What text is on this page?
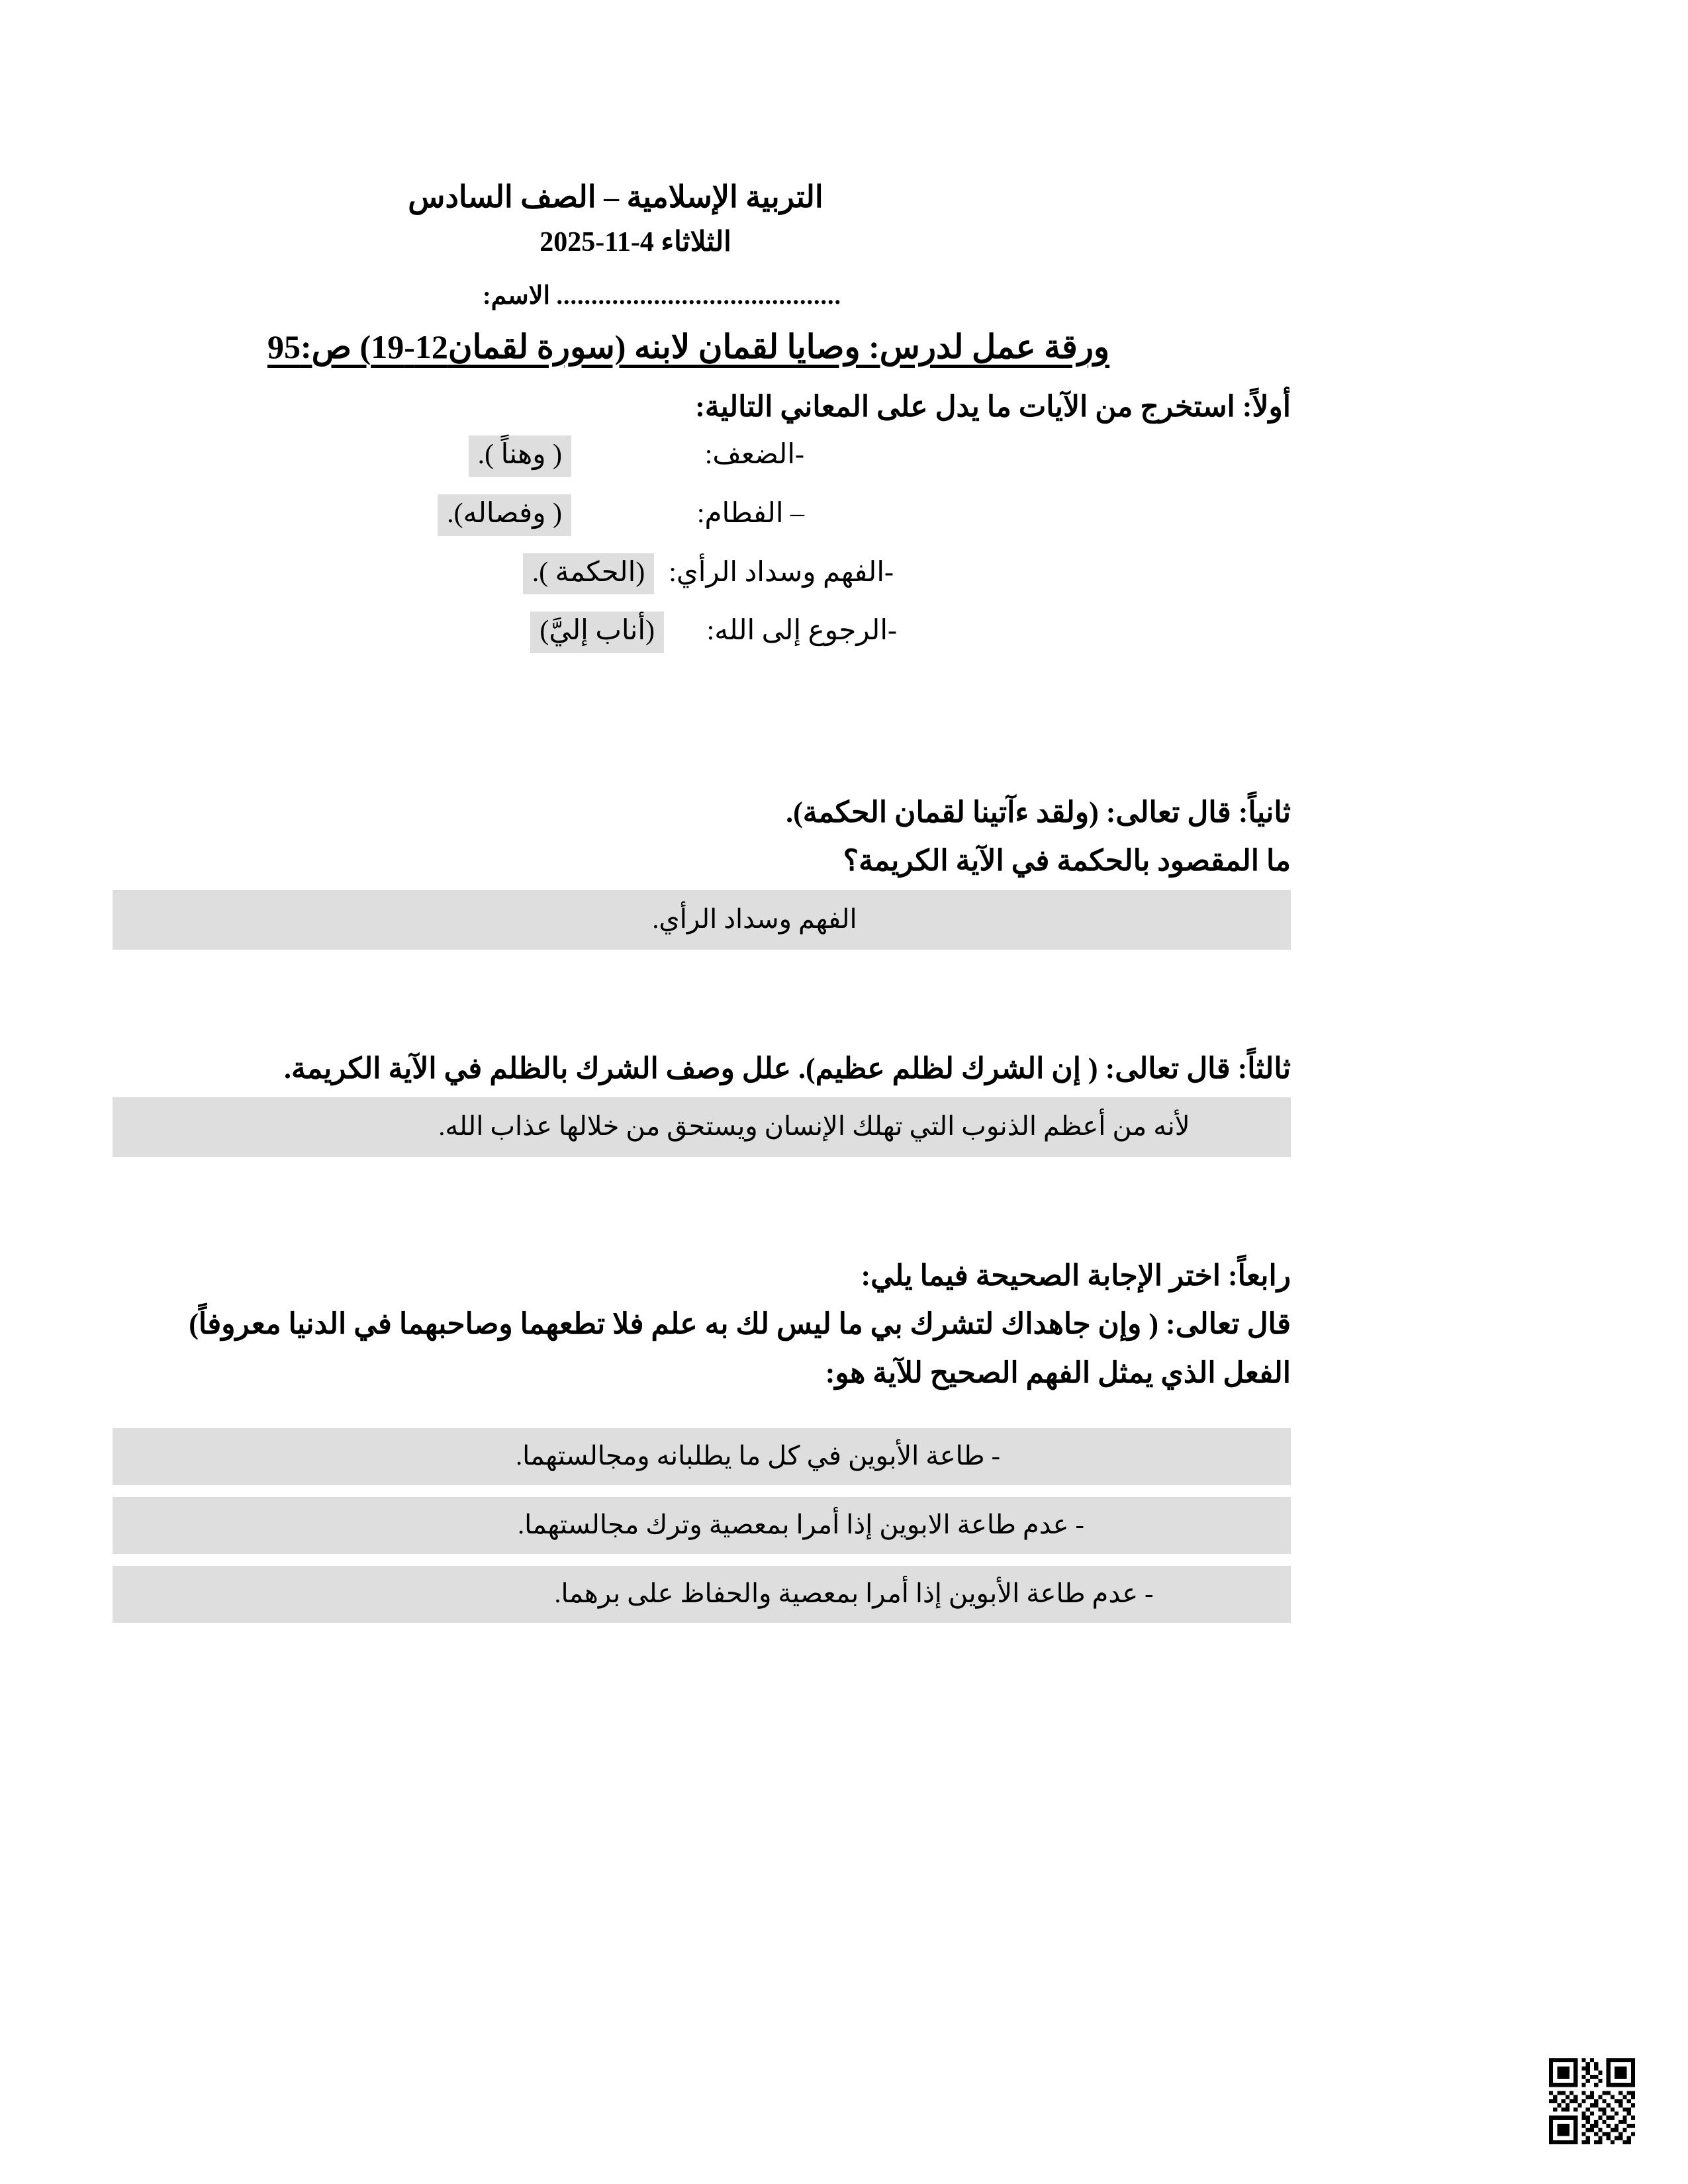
التربية الإسلامية – الصف السادس
الثلاثاء 4-11-2025
......................................... الاسم:
ورقة عمل لدرس: وصايا لقمان لابنه (سورة لقمان12-19) ص:95
أولاً: استخرج من الآيات ما يدل على المعاني التالية:
-الضعف:
( وهناً ).
– الفطام:
( وفصاله).
-الفهم وسداد الرأي:
(الحكمة ).
-الرجوع إلى الله:
(أناب إليَّ)
ثانياً: قال تعالى: (ولقد ءآتينا لقمان الحكمة).
ما المقصود بالحكمة في الآية الكريمة؟
الفهم وسداد الرأي.
ثالثاً: قال تعالى: ( إن الشرك لظلم عظيم). علل وصف الشرك بالظلم في الآية الكريمة.
لأنه من أعظم الذنوب التي تهلك الإنسان ويستحق من خلالها عذاب الله.
رابعاً: اختر الإجابة الصحيحة فيما يلي:
قال تعالى: ( وإن جاهداك لتشرك بي ما ليس لك به علم فلا تطعهما وصاحبهما في الدنيا معروفاً)
الفعل الذي يمثل الفهم الصحيح للآية هو:
- طاعة الأبوين في كل ما يطلبانه ومجالستهما.
- عدم طاعة الابوين إذا أمرا بمعصية وترك مجالستهما.
- عدم طاعة الأبوين إذا أمرا بمعصية والحفاظ على برهما.
